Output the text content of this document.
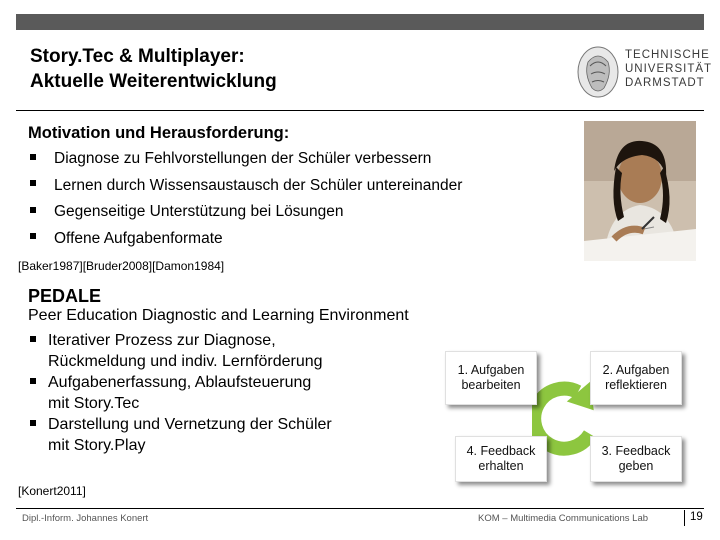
Story.Tec & Multiplayer:
Aktuelle Weiterentwicklung
TECHNISCHE
UNIVERSITÄT
DARMSTADT
Motivation und Herausforderung:
Diagnose zu Fehlvorstellungen der Schüler verbessern
Lernen durch Wissensaustausch der Schüler untereinander
Gegenseitige Unterstützung bei Lösungen
Offene Aufgabenformate
[Baker1987][Bruder2008][Damon1984]
PEDALE
Peer Education Diagnostic and Learning Environment
Iterativer Prozess zur Diagnose,
Rückmeldung und indiv. Lernförderung
Aufgabenerfassung, Ablaufsteuerung
mit Story.Tec
Darstellung und Vernetzung der Schüler
mit Story.Play
[Konert2011]
1. Aufgaben
bearbeiten
2. Aufgaben
reflektieren
4. Feedback
erhalten
3. Feedback
geben
Dipl.-Inform. Johannes Konert	KOM – Multimedia Communications Lab	19
